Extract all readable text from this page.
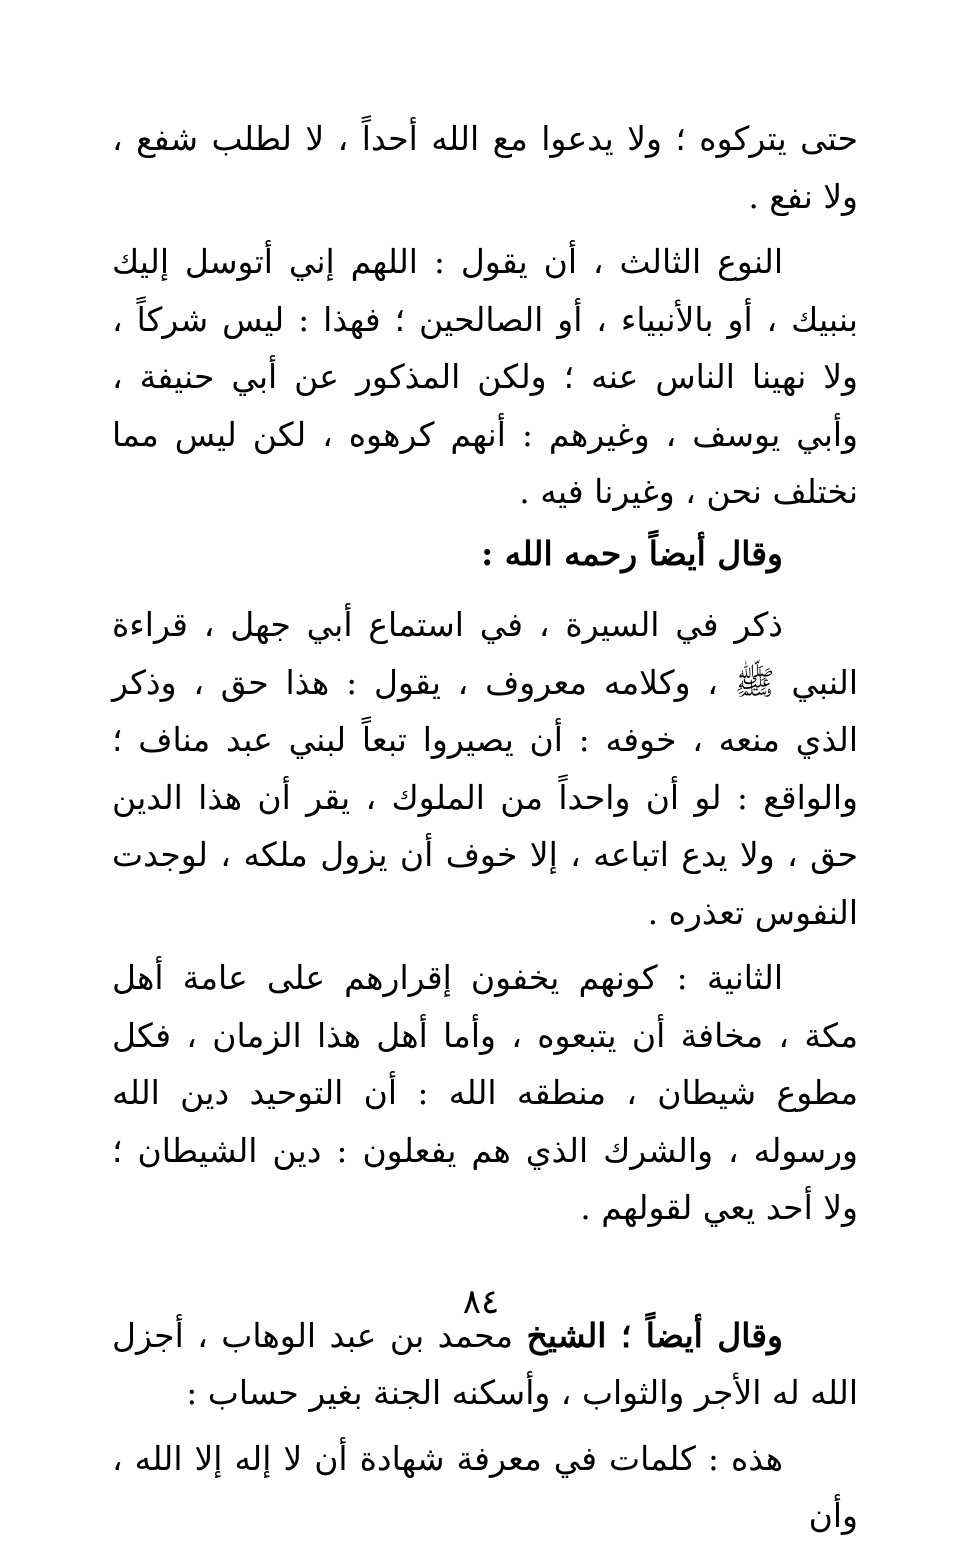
حتى يتركوه ؛ ولا يدعوا مع الله أحداً ، لا لطلب شفع ، ولا نفع .

النوع الثالث ، أن يقول : اللهم إني أتوسل إليك بنبيك ، أو بالأنبياء ، أو الصالحين ؛ فهذا : ليس شركاً ، ولا نهينا الناس عنه ؛ ولكن المذكور عن أبي حنيفة ، وأبي يوسف ، وغيرهم : أنهم كرهوه ، لكن ليس مما نختلف نحن ، وغيرنا فيه .

وقال أيضاً رحمه الله :

ذكر في السيرة ، في استماع أبي جهل ، قراءة النبي ﷺ ، وكلامه معروف ، يقول : هذا حق ، وذكر الذي منعه ، خوفه : أن يصيروا تبعاً لبني عبد مناف ؛ والواقع : لو أن واحداً من الملوك ، يقر أن هذا الدين حق ، ولا يدع اتباعه ، إلا خوف أن يزول ملكه ، لوجدت النفوس تعذره .

الثانية : كونهم يخفون إقرارهم على عامة أهل مكة ، مخافة أن يتبعوه ، وأما أهل هذا الزمان ، فكل مطوع شيطان ، منطقه الله : أن التوحيد دين الله ورسوله ، والشرك الذي هم يفعلون : دين الشيطان ؛ ولا أحد يعي لقولهم .

وقال أيضاً ؛ الشيخ محمد بن عبد الوهاب ، أجزل الله له الأجر والثواب ، وأسكنه الجنة بغير حساب :

هذه : كلمات في معرفة شهادة أن لا إله إلا الله ، وأن

٨٤
